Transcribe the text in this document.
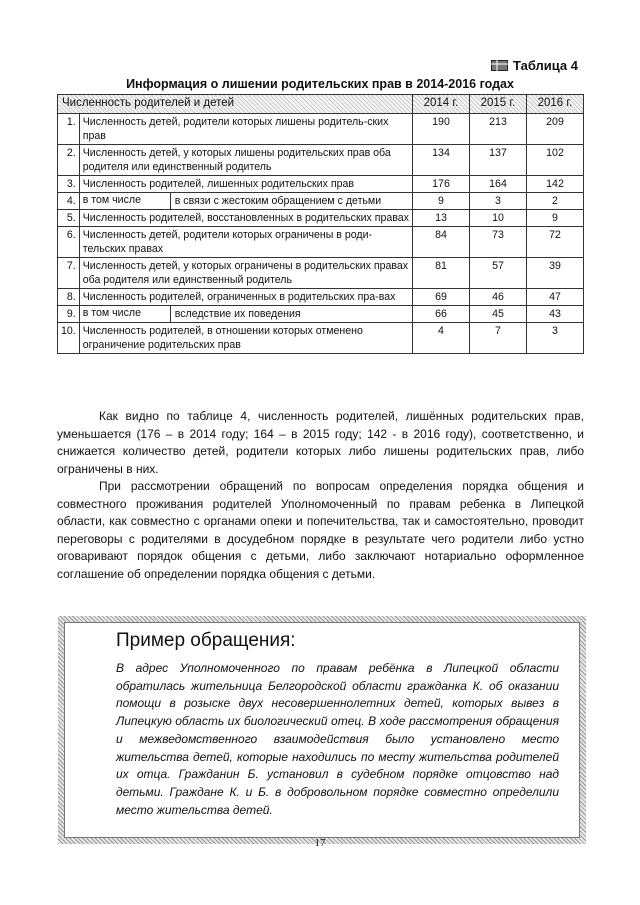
Таблица 4
Информация о лишении родительских прав в 2014-2016 годах
Численность родителей и детей		2014 г.	2015 г.	2016 г.
1.	Численность детей, родители которых лишены родитель-ских прав	190	213	209
2.	Численность детей, у которых лишены родительских прав оба родителя или единственный родитель	134	137	102
3.	Численность родителей, лишенных родительских прав	176	164	142
4.	в том числе в связи с жестоким обращением с детьми	9	3	2
5.	Численность родителей, восстановленных в родительских правах	13	10	9
6.	Численность детей, родители которых ограничены в роди-тельских правах	84	73	72
7.	Численность детей, у которых ограничены в родительских правах оба родителя или единственный родитель	81	57	39
8.	Численность родителей, ограниченных в родительских пра-вах	69	46	47
9.	в том числе вследствие их поведения	66	45	43
10.	Численность родителей, в отношении которых отменено ограничение родительских прав	4	7	3
Как видно по таблице 4, численность родителей, лишённых родительских прав, уменьшается (176 – в 2014 году; 164 – в 2015 году; 142 - в 2016 году), соответственно, и снижается количество детей, родители которых либо лишены родительских прав, либо ограничены в них.
При рассмотрении обращений по вопросам определения порядка общения и совместного проживания родителей Уполномоченный по правам ребенка в Липецкой области, как совместно с органами опеки и попечительства, так и самостоятельно, проводит переговоры с родителями в досудебном порядке в результате чего родители либо устно оговаривают порядок общения с детьми, либо заключают нотариально оформленное соглашение об определении порядка общения с детьми.
Пример обращения:
В адрес Уполномоченного по правам ребёнка в Липецкой области обратилась жительница Белгородской области гражданка К. об оказании помощи в розыске двух несовершеннолетних детей, которых вывез в Липецкую область их биологический отец. В ходе рассмотрения обращения и межведомственного взаимодействия было установлено место жительства детей, которые находились по месту жительства родителей их отца. Гражданин Б. установил в судебном порядке отцовство над детьми. Граждане К. и Б. в добровольном порядке совместно определили место жительства детей.
17
